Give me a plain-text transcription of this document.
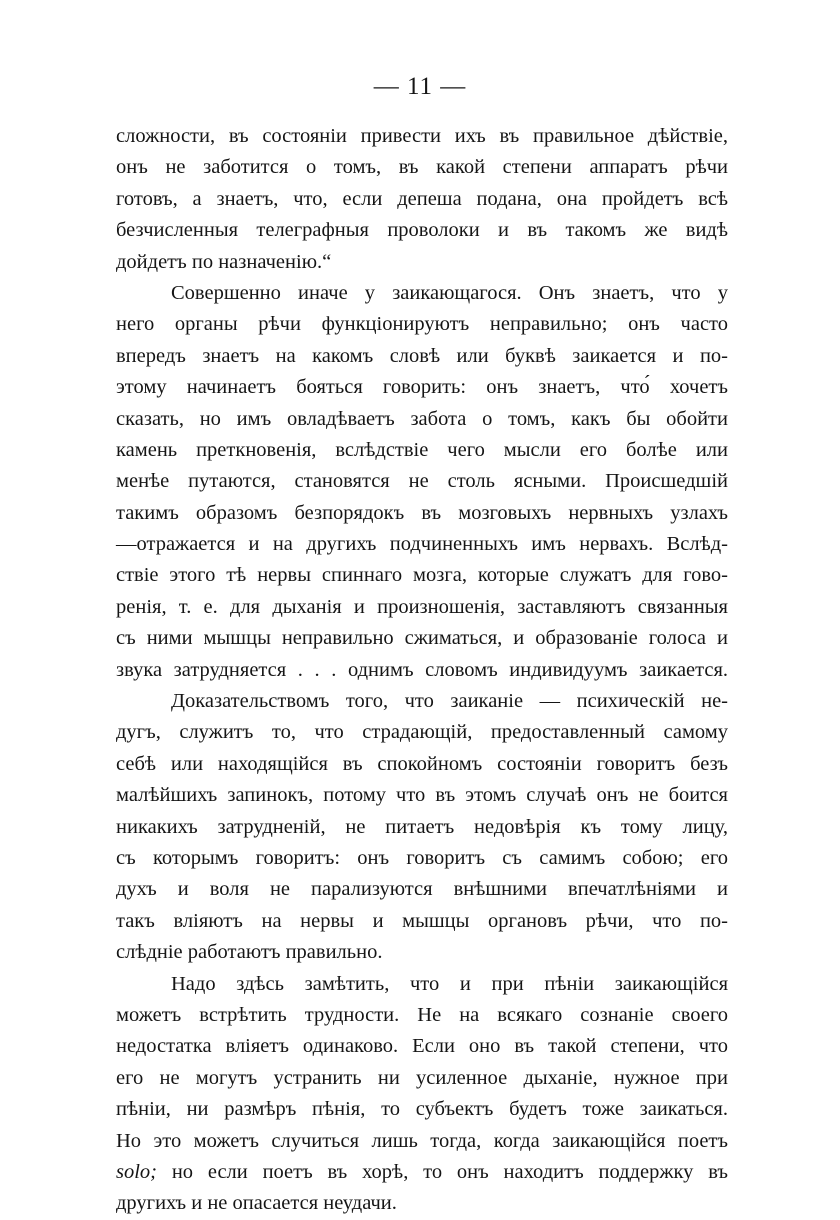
— 11 —
сложности, въ состоянiи привести ихъ въ правильное дѣйствiе,
онъ не заботится о томъ, въ какой степени аппаратъ рѣчи
готовъ, а знаетъ, что, если депеша подана, она пройдетъ всѣ
безчисленныя телеграфныя проволоки и въ такомъ же видѣ
дойдетъ по назначенiю.“
Совершенно иначе у заикающагося. Онъ знаетъ, что у
него органы рѣчи функцiонируютъ неправильно; онъ часто
впередъ знаетъ на какомъ словѣ или буквѣ заикается и по-
этому начинаетъ бояться говорить: онъ знаетъ, что́ хочетъ
сказать, но имъ овладѣваетъ забота о томъ, какъ бы обойти
камень преткновенiя, вслѣдствiе чего мысли его болѣе или
менѣе путаются, становятся не столь ясными. Происшедшiй
такимъ образомъ безпорядокъ въ мозговыхъ нервныхъ узлахъ
—отражается и на другихъ подчиненныхъ имъ нервахъ. Вслѣд-
ствiе этого тѣ нервы спиннаго мозга, которые служатъ для гово-
ренiя, т. е. для дыханiя и произношенiя, заставляютъ связанныя
съ ними мышцы неправильно сжиматься, и образованiе голоса и
звука затрудняется . . . однимъ словомъ индивидуумъ заикается.
Доказательствомъ того, что заиканiе — психическiй не-
дугъ, служитъ то, что страдающiй, предоставленный самому
себѣ или находящiйся въ спокойномъ состоянiи говоритъ безъ
малѣйшихъ запинокъ, потому что въ этомъ случаѣ онъ не боится
никакихъ затрудненiй, не питаетъ недовѣрiя къ тому лицу,
съ которымъ говоритъ: онъ говоритъ съ самимъ собою; его
духъ и воля не парализуются внѣшними впечатлѣнiями и
такъ влiяютъ на нервы и мышцы органовъ рѣчи, что по-
слѣднiе работаютъ правильно.
Надо здѣсь замѣтить, что и при пѣнiи заикающiйся
можетъ встрѣтить трудности. Не на всякаго сознанiе своего
недостатка влiяетъ одинаково. Если оно въ такой степени, что
его не могутъ устранить ни усиленное дыханiе, нужное при
пѣнiи, ни размѣръ пѣнiя, то субъектъ будетъ тоже заикаться.
Но это можетъ случиться лишь тогда, когда заикающiйся поетъ
solo; но если поетъ въ хорѣ, то онъ находитъ поддержку въ
другихъ и не опасается неудачи.
